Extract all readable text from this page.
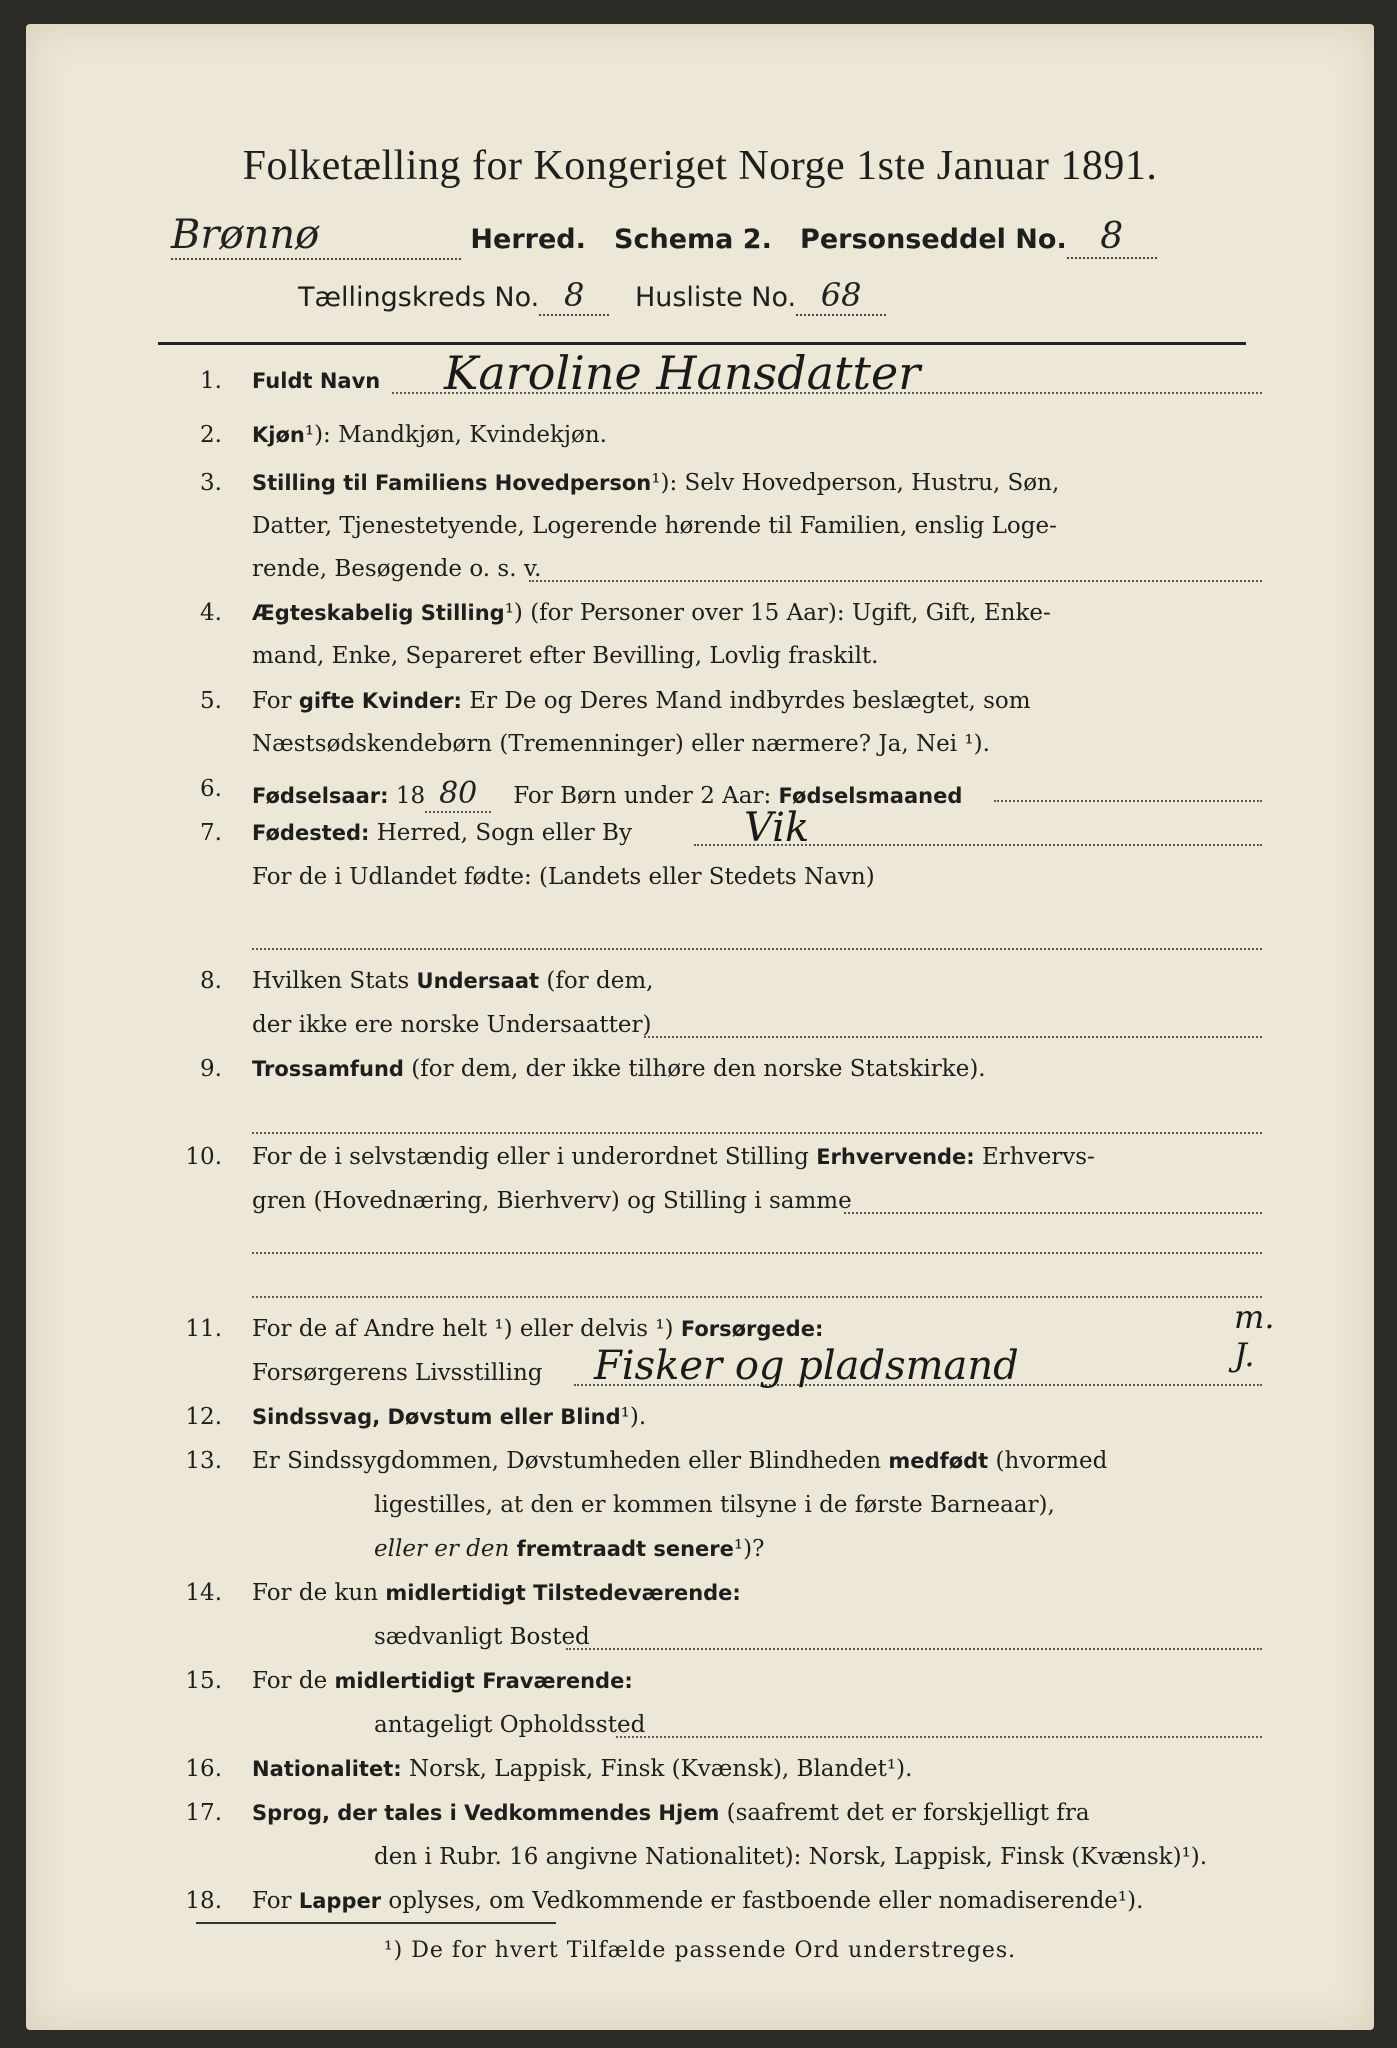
Folketælling for Kongeriget Norge 1ste Januar 1891.
Brønnø	Herred. Schema 2. Personseddel No. 8
Tællingskreds No. 8 Husliste No. 68
1. Fuldt Navn	Karoline Hansdatter
2. Kjøn¹): Mandkjøn, Kvindekjøn.
3. Stilling til Familiens Hovedperson¹): Selv Hovedperson, Hustru, Søn,
Datter, Tjenestetyende, Logerende hørende til Familien, enslig Loge-
rende, Besøgende o. s. v.
4. Ægteskabelig Stilling¹) (for Personer over 15 Aar): Ugift, Gift, Enke-
mand, Enke, Separeret efter Bevilling, Lovlig fraskilt.
5. For gifte Kvinder: Er De og Deres Mand indbyrdes beslægtet, som
Næstsødskendebørn (Tremenninger) eller nærmere? Ja, Nei ¹).
6. Fødselsaar: 18 80 For Børn under 2 Aar: Fødselsmaaned
7. Fødested: Herred, Sogn eller By	Vik
For de i Udlandet fødte: (Landets eller Stedets Navn)
8. Hvilken Stats Undersaat (for dem,
der ikke ere norske Undersaatter)
9. Trossamfund (for dem, der ikke tilhøre den norske Statskirke).
10. For de i selvstændig eller i underordnet Stilling Erhvervende: Erhvervs-
gren (Hovednæring, Bierhverv) og Stilling i samme
11. For de af Andre helt ¹) eller delvis ¹) Forsørgede:	m. J.
Forsørgerens Livsstilling	Fisker og pladsmand
12. Sindssvag, Døvstum eller Blind¹).
13. Er Sindssygdommen, Døvstumheden eller Blindheden medfødt (hvormed
ligestilles, at den er kommen tilsyne i de første Barneaar),
eller er den fremtraadt senere¹)?
14. For de kun midlertidigt Tilstedeværende:
sædvanligt Bosted
15. For de midlertidigt Fraværende:
antageligt Opholdssted
16. Nationalitet: Norsk, Lappisk, Finsk (Kvænsk), Blandet¹).
17. Sprog, der tales i Vedkommendes Hjem (saafremt det er forskjelligt fra
den i Rubr. 16 angivne Nationalitet): Norsk, Lappisk, Finsk (Kvænsk)¹).
18. For Lapper oplyses, om Vedkommende er fastboende eller nomadiserende¹).
¹) De for hvert Tilfælde passende Ord understreges.
